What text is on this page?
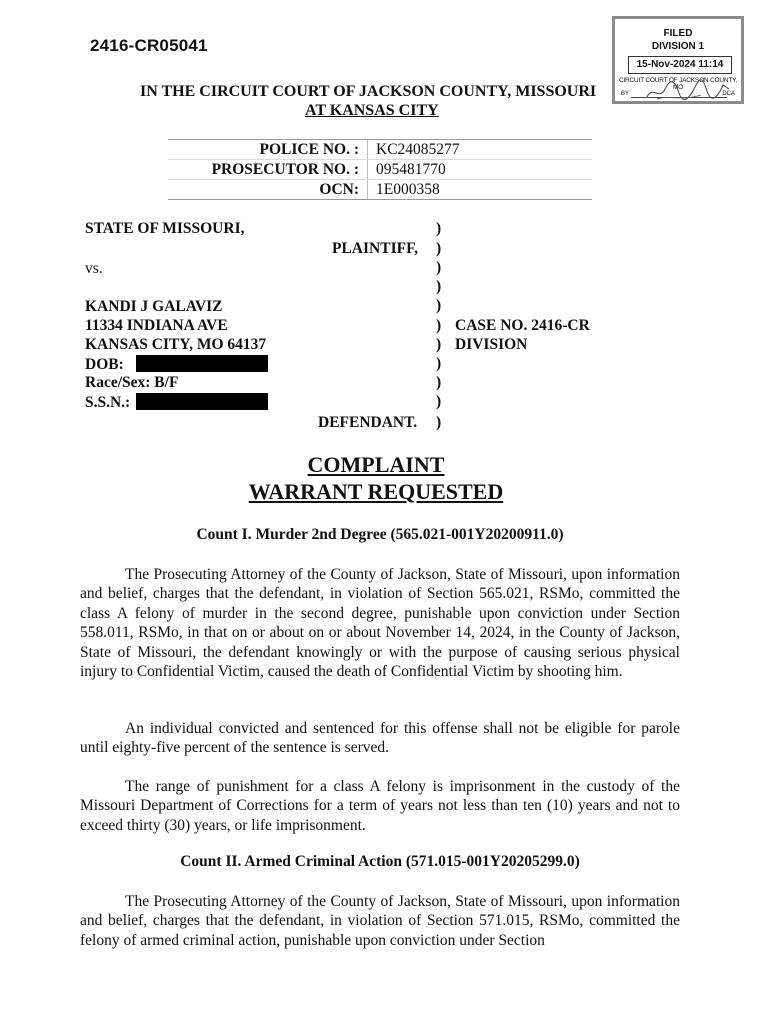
2416-CR05041
FILED
DIVISION 1
15-Nov-2024 11:14
CIRCUIT COURT OF JACKSON COUNTY, MO
BY	DCA
IN THE CIRCUIT COURT OF JACKSON COUNTY, MISSOURI
AT KANSAS CITY
POLICE NO. :	KC24085277
PROSECUTOR NO. :	095481770
OCN:	1E000358
STATE OF MISSOURI,
PLAINTIFF,
vs.
KANDI J GALAVIZ
11334 INDIANA AVE
KANSAS CITY, MO 64137
DOB:
Race/Sex: B/F
S.S.N.:
DEFENDANT.
)
)
)
)
)
)
)
)
)
)
)
CASE NO. 2416-CR
DIVISION
COMPLAINT
WARRANT REQUESTED
Count I. Murder 2nd Degree (565.021-001Y20200911.0)
The Prosecuting Attorney of the County of Jackson, State of Missouri, upon information and belief, charges that the defendant, in violation of Section 565.021, RSMo, committed the class A felony of murder in the second degree, punishable upon conviction under Section 558.011, RSMo, in that on or about on or about November 14, 2024, in the County of Jackson, State of Missouri, the defendant knowingly or with the purpose of causing serious physical injury to Confidential Victim, caused the death of Confidential Victim by shooting him.
An individual convicted and sentenced for this offense shall not be eligible for parole until eighty-five percent of the sentence is served.
The range of punishment for a class A felony is imprisonment in the custody of the Missouri Department of Corrections for a term of years not less than ten (10) years and not to exceed thirty (30) years, or life imprisonment.
Count II. Armed Criminal Action (571.015-001Y20205299.0)
The Prosecuting Attorney of the County of Jackson, State of Missouri, upon information and belief, charges that the defendant, in violation of Section 571.015, RSMo, committed the felony of armed criminal action, punishable upon conviction under Section
